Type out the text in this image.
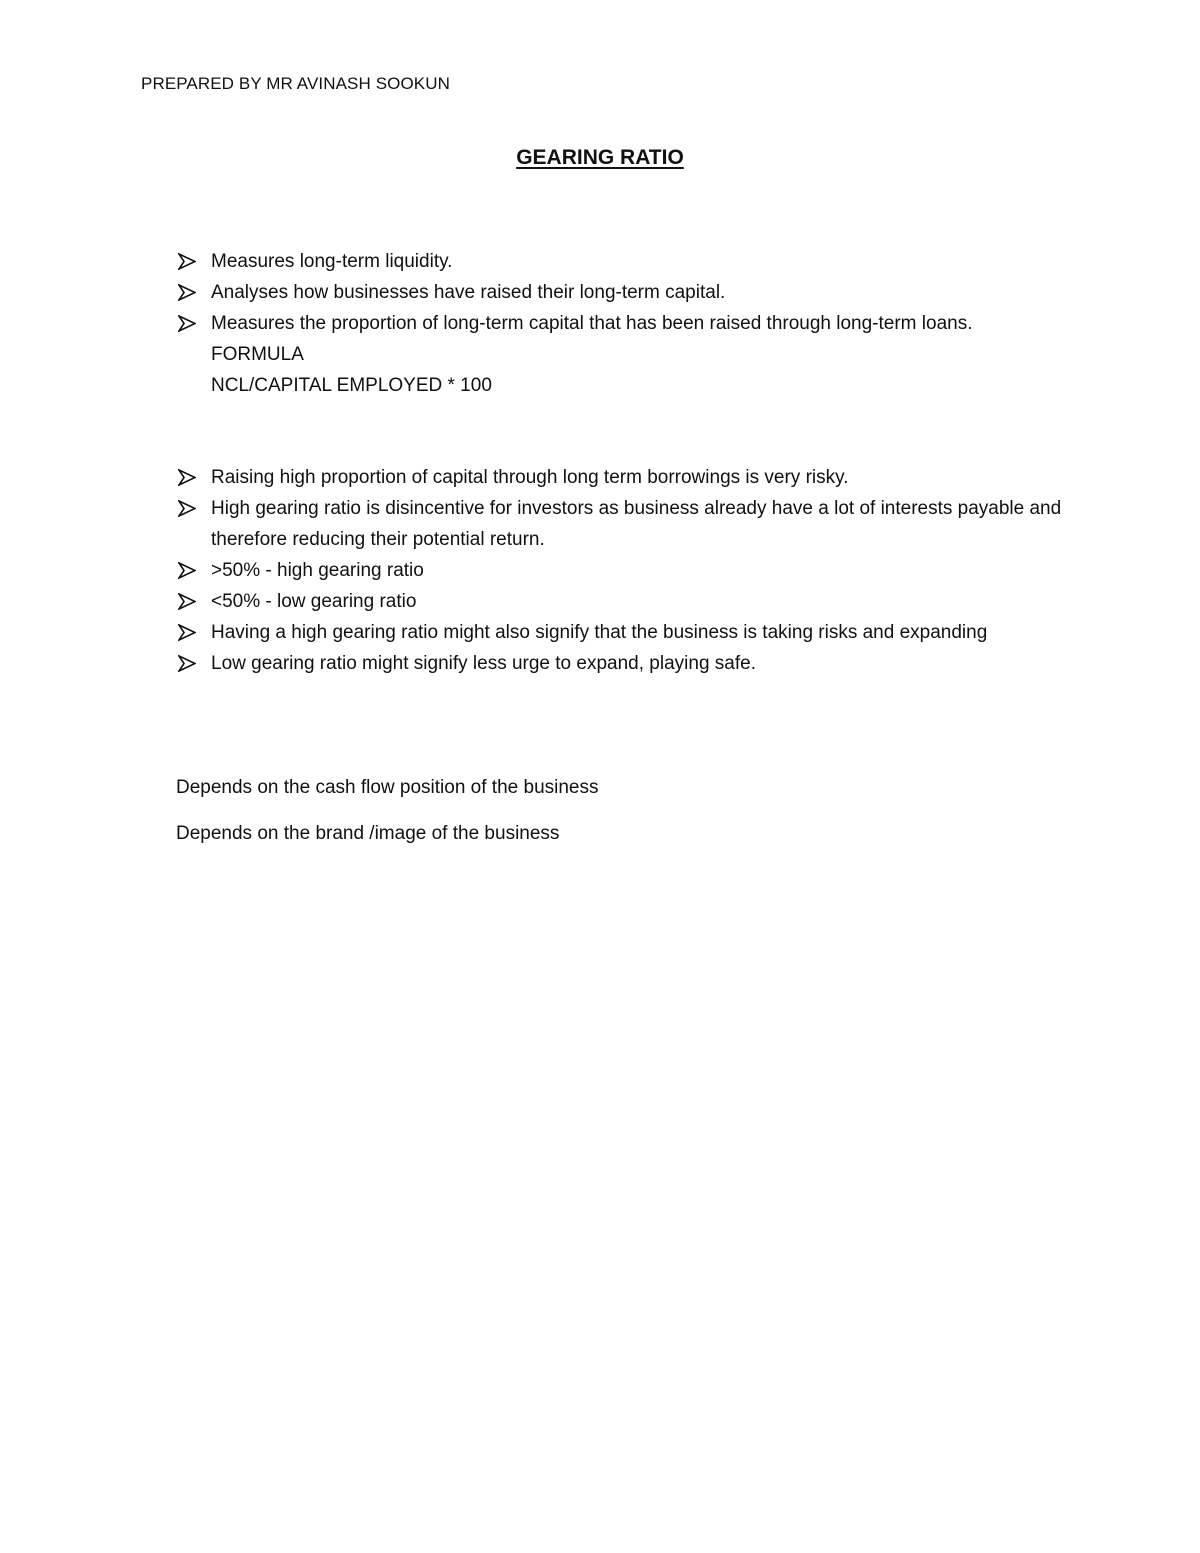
PREPARED BY MR AVINASH SOOKUN
GEARING RATIO
Measures long-term liquidity.
Analyses how businesses have raised their long-term capital.
Measures the proportion of long-term capital that has been raised through long-term loans.
FORMULA
NCL/CAPITAL EMPLOYED * 100
Raising high proportion of capital through long term borrowings is very risky.
High gearing ratio is disincentive for investors as business already have a lot of interests payable and therefore reducing their potential return.
>50% - high gearing ratio
<50% - low gearing ratio
Having a high gearing ratio might also signify that the business is taking risks and expanding
Low gearing ratio might signify less urge to expand, playing safe.
Depends on the cash flow position of the business
Depends on the brand /image of the business
